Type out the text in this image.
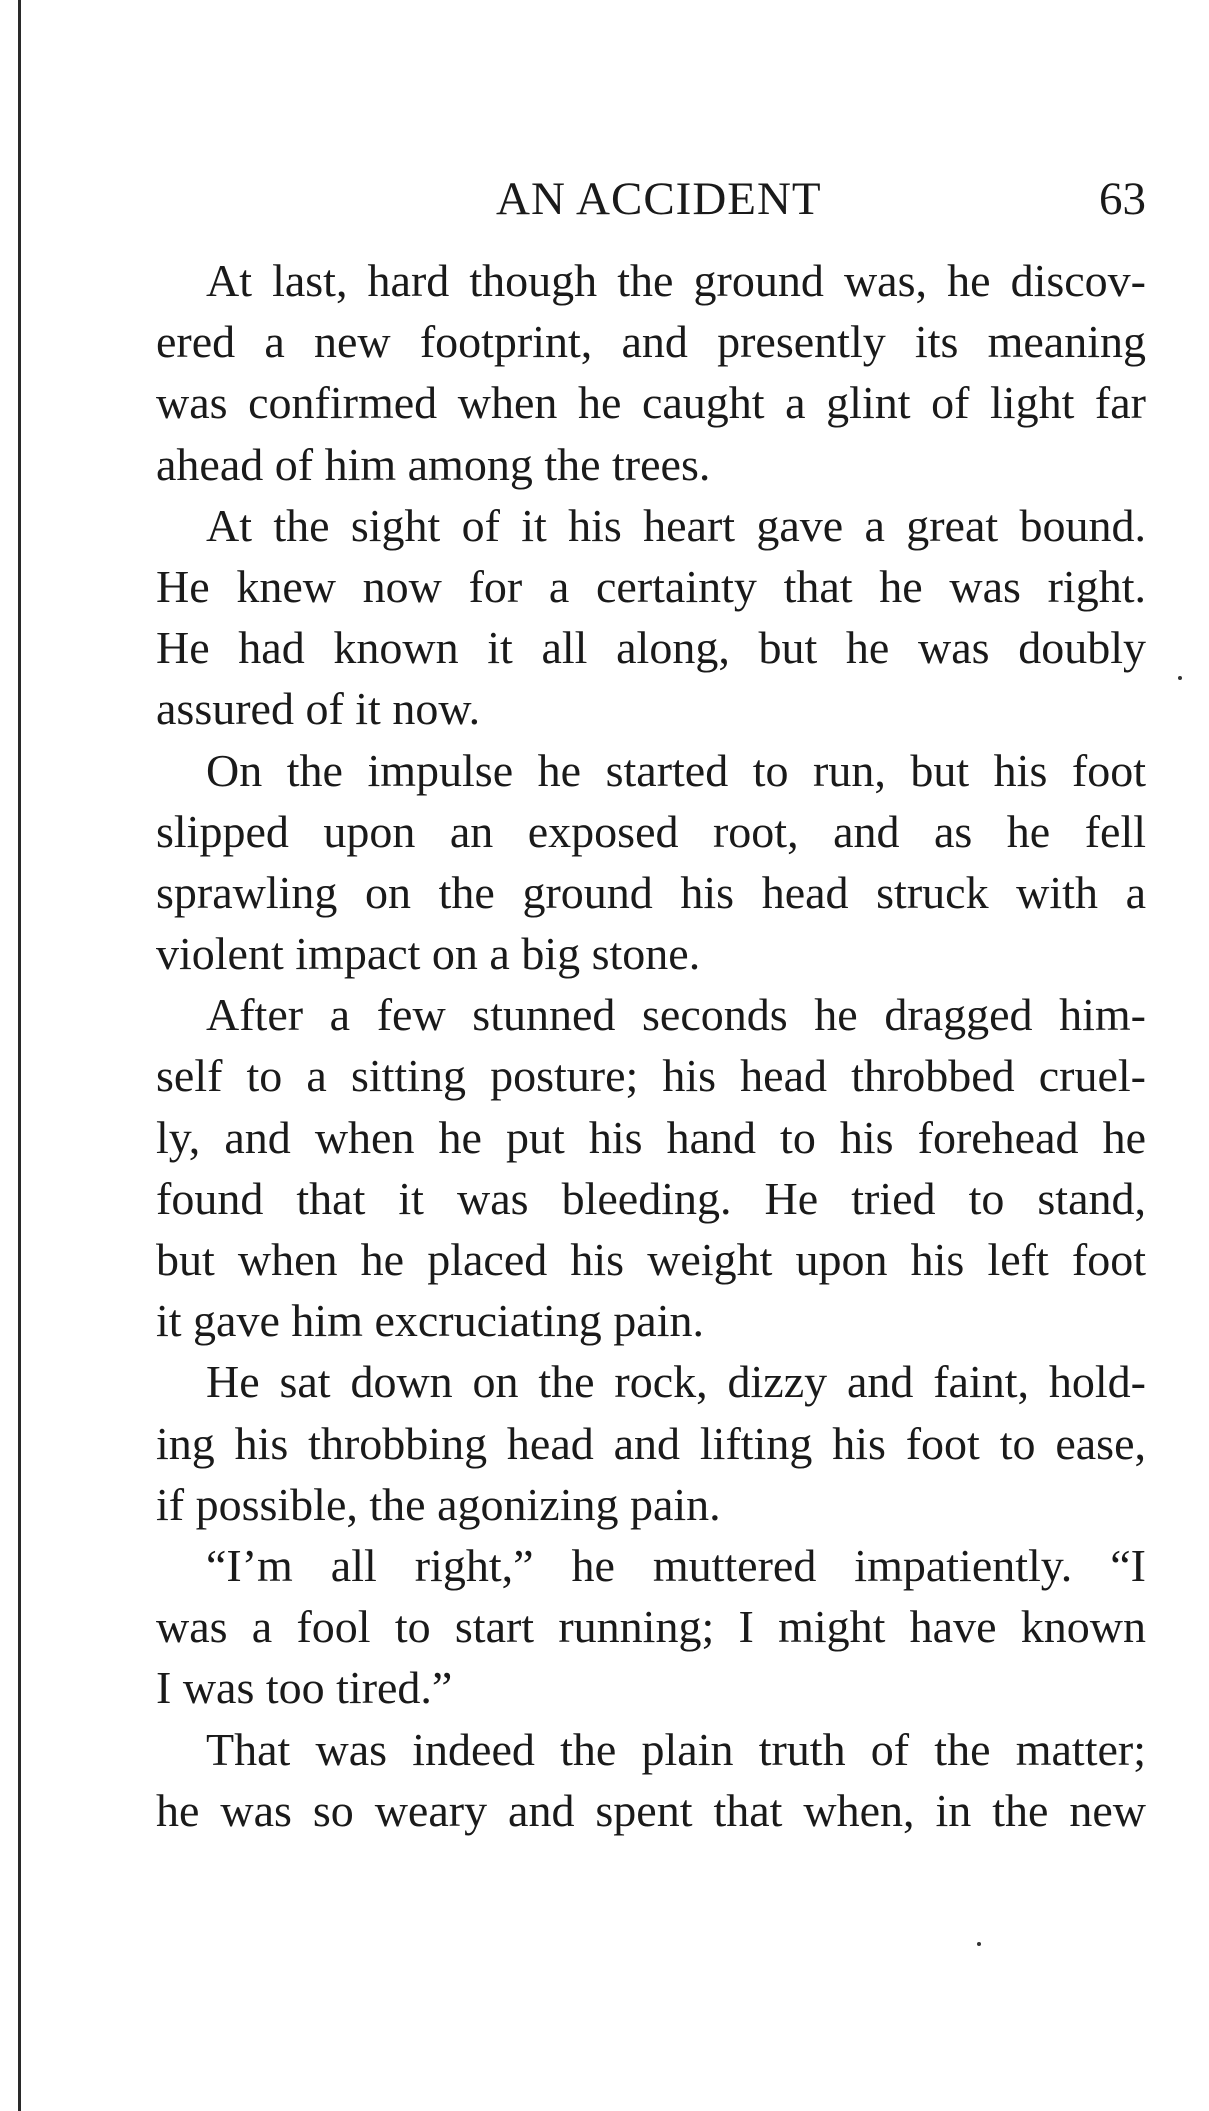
AN ACCIDENT	63
At last, hard though the ground was, he discov-
ered a new footprint, and presently its meaning
was confirmed when he caught a glint of light far
ahead of him among the trees.
At the sight of it his heart gave a great bound.
He knew now for a certainty that he was right.
He had known it all along, but he was doubly
assured of it now.
On the impulse he started to run, but his foot
slipped upon an exposed root, and as he fell
sprawling on the ground his head struck with a
violent impact on a big stone.
After a few stunned seconds he dragged him-
self to a sitting posture; his head throbbed cruel-
ly, and when he put his hand to his forehead he
found that it was bleeding. He tried to stand,
but when he placed his weight upon his left foot
it gave him excruciating pain.
He sat down on the rock, dizzy and faint, hold-
ing his throbbing head and lifting his foot to ease,
if possible, the agonizing pain.
“I’m all right,” he muttered impatiently. “I
was a fool to start running; I might have known
I was too tired.”
That was indeed the plain truth of the matter;
he was so weary and spent that when, in the new
